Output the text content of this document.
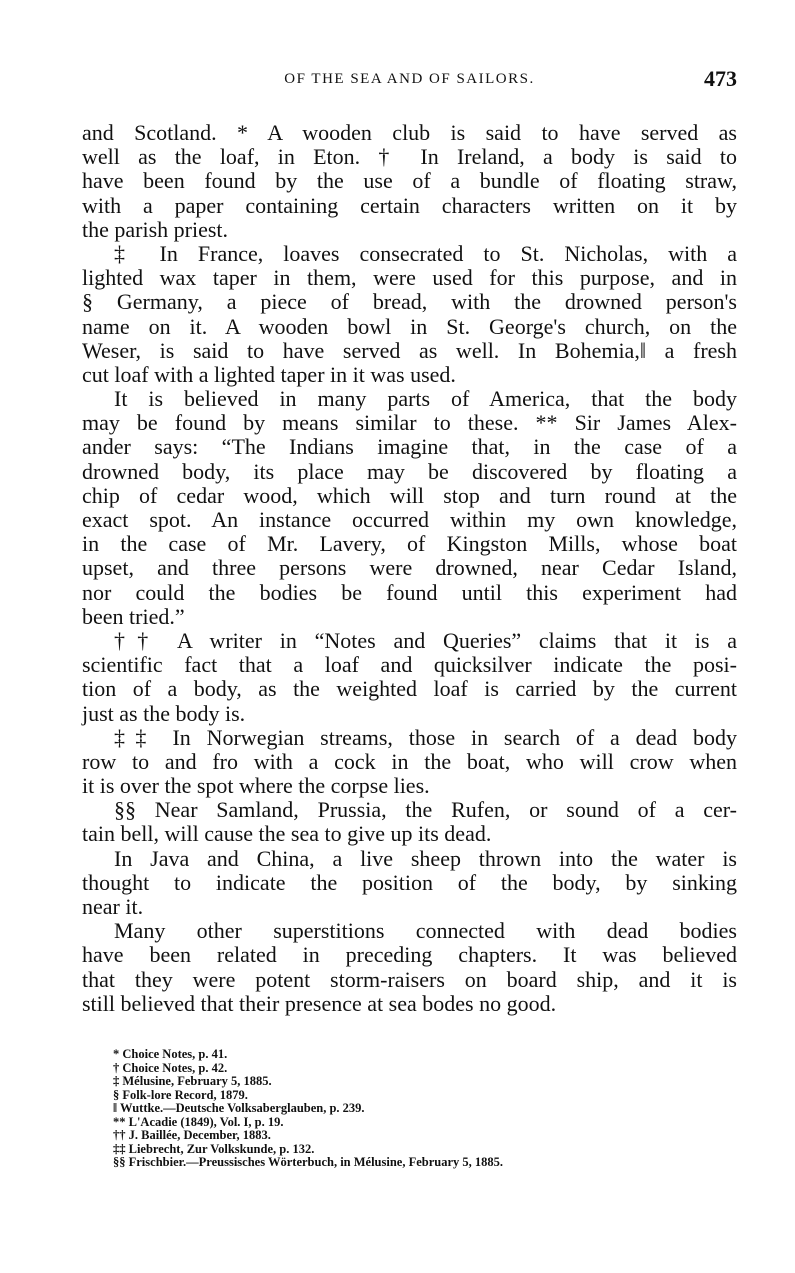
OF THE SEA AND OF SAILORS.	473
and Scotland. * A wooden club is said to have served as
well as the loaf, in Eton. † In Ireland, a body is said to
have been found by the use of a bundle of floating straw,
with a paper containing certain characters written on it by
the parish priest.
‡ In France, loaves consecrated to St. Nicholas, with a
lighted wax taper in them, were used for this purpose, and in
§ Germany, a piece of bread, with the drowned person's
name on it. A wooden bowl in St. George's church, on the
Weser, is said to have served as well. In Bohemia,‖ a fresh
cut loaf with a lighted taper in it was used.
It is believed in many parts of America, that the body
may be found by means similar to these. ** Sir James Alex-
ander says: “The Indians imagine that, in the case of a
drowned body, its place may be discovered by floating a
chip of cedar wood, which will stop and turn round at the
exact spot. An instance occurred within my own knowledge,
in the case of Mr. Lavery, of Kingston Mills, whose boat
upset, and three persons were drowned, near Cedar Island,
nor could the bodies be found until this experiment had
been tried.”
†† A writer in “Notes and Queries” claims that it is a
scientific fact that a loaf and quicksilver indicate the posi-
tion of a body, as the weighted loaf is carried by the current
just as the body is.
‡‡ In Norwegian streams, those in search of a dead body
row to and fro with a cock in the boat, who will crow when
it is over the spot where the corpse lies.
§§ Near Samland, Prussia, the Rufen, or sound of a cer-
tain bell, will cause the sea to give up its dead.
In Java and China, a live sheep thrown into the water is
thought to indicate the position of the body, by sinking
near it.
Many other superstitions connected with dead bodies
have been related in preceding chapters. It was believed
that they were potent storm-raisers on board ship, and it is
still believed that their presence at sea bodes no good.
* Choice Notes, p. 41.
† Choice Notes, p. 42.
‡ Mélusine, February 5, 1885.
§ Folk-lore Record, 1879.
‖ Wuttke.—Deutsche Volksaberglauben, p. 239.
** L'Acadie (1849), Vol. I, p. 19.
†† J. Baillée, December, 1883.
‡‡ Liebrecht, Zur Volkskunde, p. 132.
§§ Frischbier.—Preussisches Wörterbuch, in Mélusine, February 5, 1885.
